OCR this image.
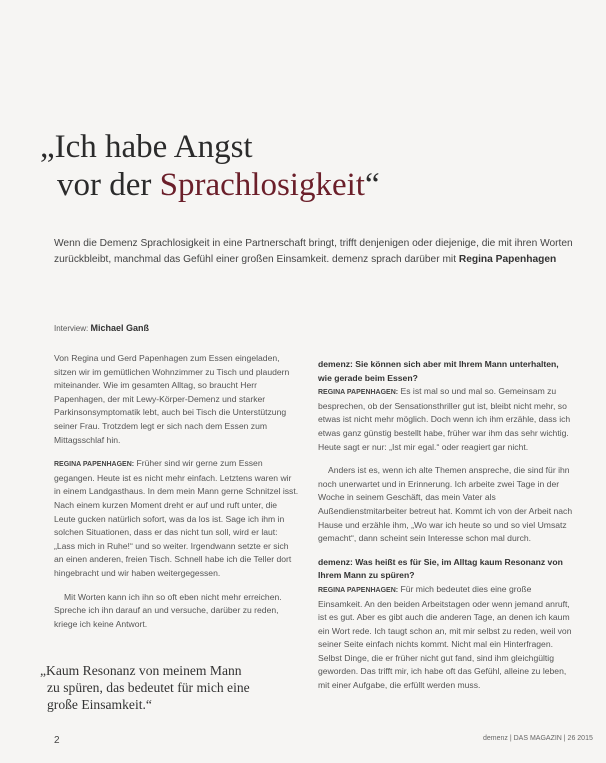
„Ich habe Angst
vor der Sprachlosigkeit“
Wenn die Demenz Sprachlosigkeit in eine Partnerschaft bringt, trifft denjenigen oder diejenige, die mit ihren Worten zurückbleibt, manchmal das Gefühl einer großen Einsamkeit. demenz sprach darüber mit Regina Papenhagen
Interview: Michael Ganß

Von Regina und Gerd Papenhagen zum Essen eingeladen, sitzen wir im gemütlichen Wohnzimmer zu Tisch und plaudern miteinander. Wie im gesamten Alltag, so braucht Herr Papenhagen, der mit Lewy-Körper-Demenz und starker Parkinsonsymptomatik lebt, auch bei Tisch die Unterstützung seiner Frau. Trotzdem legt er sich nach dem Essen zum Mittagsschlaf hin.

REGINA PAPENHAGEN: Früher sind wir gerne zum Essen gegangen. Heute ist es nicht mehr einfach. Letztens waren wir in einem Landgasthaus. In dem mein Mann gerne Schnitzel isst. Nach einem kurzen Moment dreht er auf und ruft unter, die Leute gucken natürlich sofort, was da los ist. Sage ich ihm in solchen Situationen, dass er das nicht tun soll, wird er laut: „Lass mich in Ruhe!“ und so weiter. Irgendwann setzte er sich an einen anderen, freien Tisch. Schnell habe ich die Teller dort hingebracht und wir haben weitergegessen.

Mit Worten kann ich ihn so oft eben nicht mehr erreichen. Spreche ich ihn darauf an und versuche, darüber zu reden, kriege ich keine Antwort.

demenz: Sie können sich aber mit Ihrem Mann unterhalten, wie gerade beim Essen?

REGINA PAPENHAGEN: Es ist mal so und mal so. Gemeinsam zu besprechen, ob der Sensationsthriller gut ist, bleibt nicht mehr, so etwas ist nicht mehr möglich. Doch wenn ich ihm erzähle, dass ich etwas ganz günstig bestellt habe, früher war ihm das sehr wichtig. Heute sagt er nur: „Ist mir egal.“ oder reagiert gar nicht.

Anders ist es, wenn ich alte Themen anspreche, die sind für ihn noch unerwartet und in Erinnerung. Ich arbeite zwei Tage in der Woche in seinem Geschäft, das mein Vater als Außendienstmitarbeiter betreut hat. Kommt ich von der Arbeit nach Hause und erzähle ihm, „Wo war ich heute so und so viel Umsatz gemacht“, dann scheint sein Interesse schon mal durch.

demenz: Was heißt es für Sie, im Alltag kaum Resonanz von Ihrem Mann zu spüren?

REGINA PAPENHAGEN: Für mich bedeutet dies eine große Einsamkeit. An den beiden Arbeitstagen oder wenn jemand anruft, ist es gut. Aber es gibt auch die anderen Tage, an denen ich kaum ein Wort rede. Ich taugt schon an, mit mir selbst zu reden, weil von seiner Seite einfach nichts kommt. Nicht mal ein Hinterfragen. Selbst Dinge, die er früher nicht gut fand, sind ihm gleichgültig geworden. Das trifft mir, ich habe oft das Gefühl, alleine zu leben, mit einer Aufgabe, die erfüllt werden muss.

„Kaum Resonanz von meinem Mann

zu spüren, das bedeutet für mich eine
große Einsamkeit.“
2	demenz | DAS MAGAZIN | 26 2015
